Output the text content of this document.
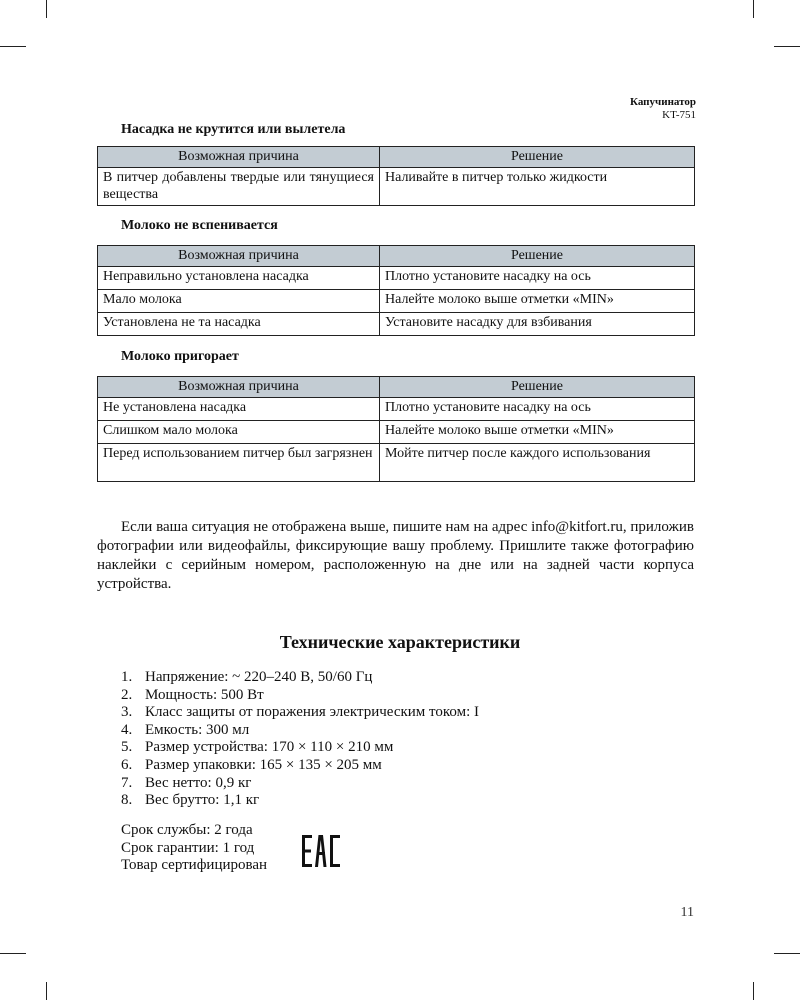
Капучинатор
KT-751
Насадка не крутится или вылетела
Возможная причина	Решение
В питчер добавлены твердые или тянущиеся вещества	Наливайте в питчер только жидкости
Молоко не вспенивается
Возможная причина	Решение
Неправильно установлена насадка	Плотно установите насадку на ось
Мало молока	Налейте молоко выше отметки «MIN»
Установлена не та насадка	Установите насадку для взбивания
Молоко пригорает
Возможная причина	Решение
Не установлена насадка	Плотно установите насадку на ось
Слишком мало молока	Налейте молоко выше отметки «MIN»
Перед использованием питчер был загрязнен	Мойте питчер после каждого использования

Если ваша ситуация не отображена выше, пишите нам на адрес info@kitfort.ru, приложив фотографии или видеофайлы, фиксирующие вашу проблему. Пришлите также фотографию наклейки с серийным номером, расположенную на дне или на задней части корпуса устройства.

Технические характеристики
1. Напряжение: ~ 220–240 В, 50/60 Гц
2. Мощность: 500 Вт
3. Класс защиты от поражения электрическим током: I
4. Емкость: 300 мл
5. Размер устройства: 170 × 110 × 210 мм
6. Размер упаковки: 165 × 135 × 205 мм
7. Вес нетто: 0,9 кг
8. Вес брутто: 1,1 кг
Срок службы: 2 года
Срок гарантии: 1 год
Товар сертифицирован
11
